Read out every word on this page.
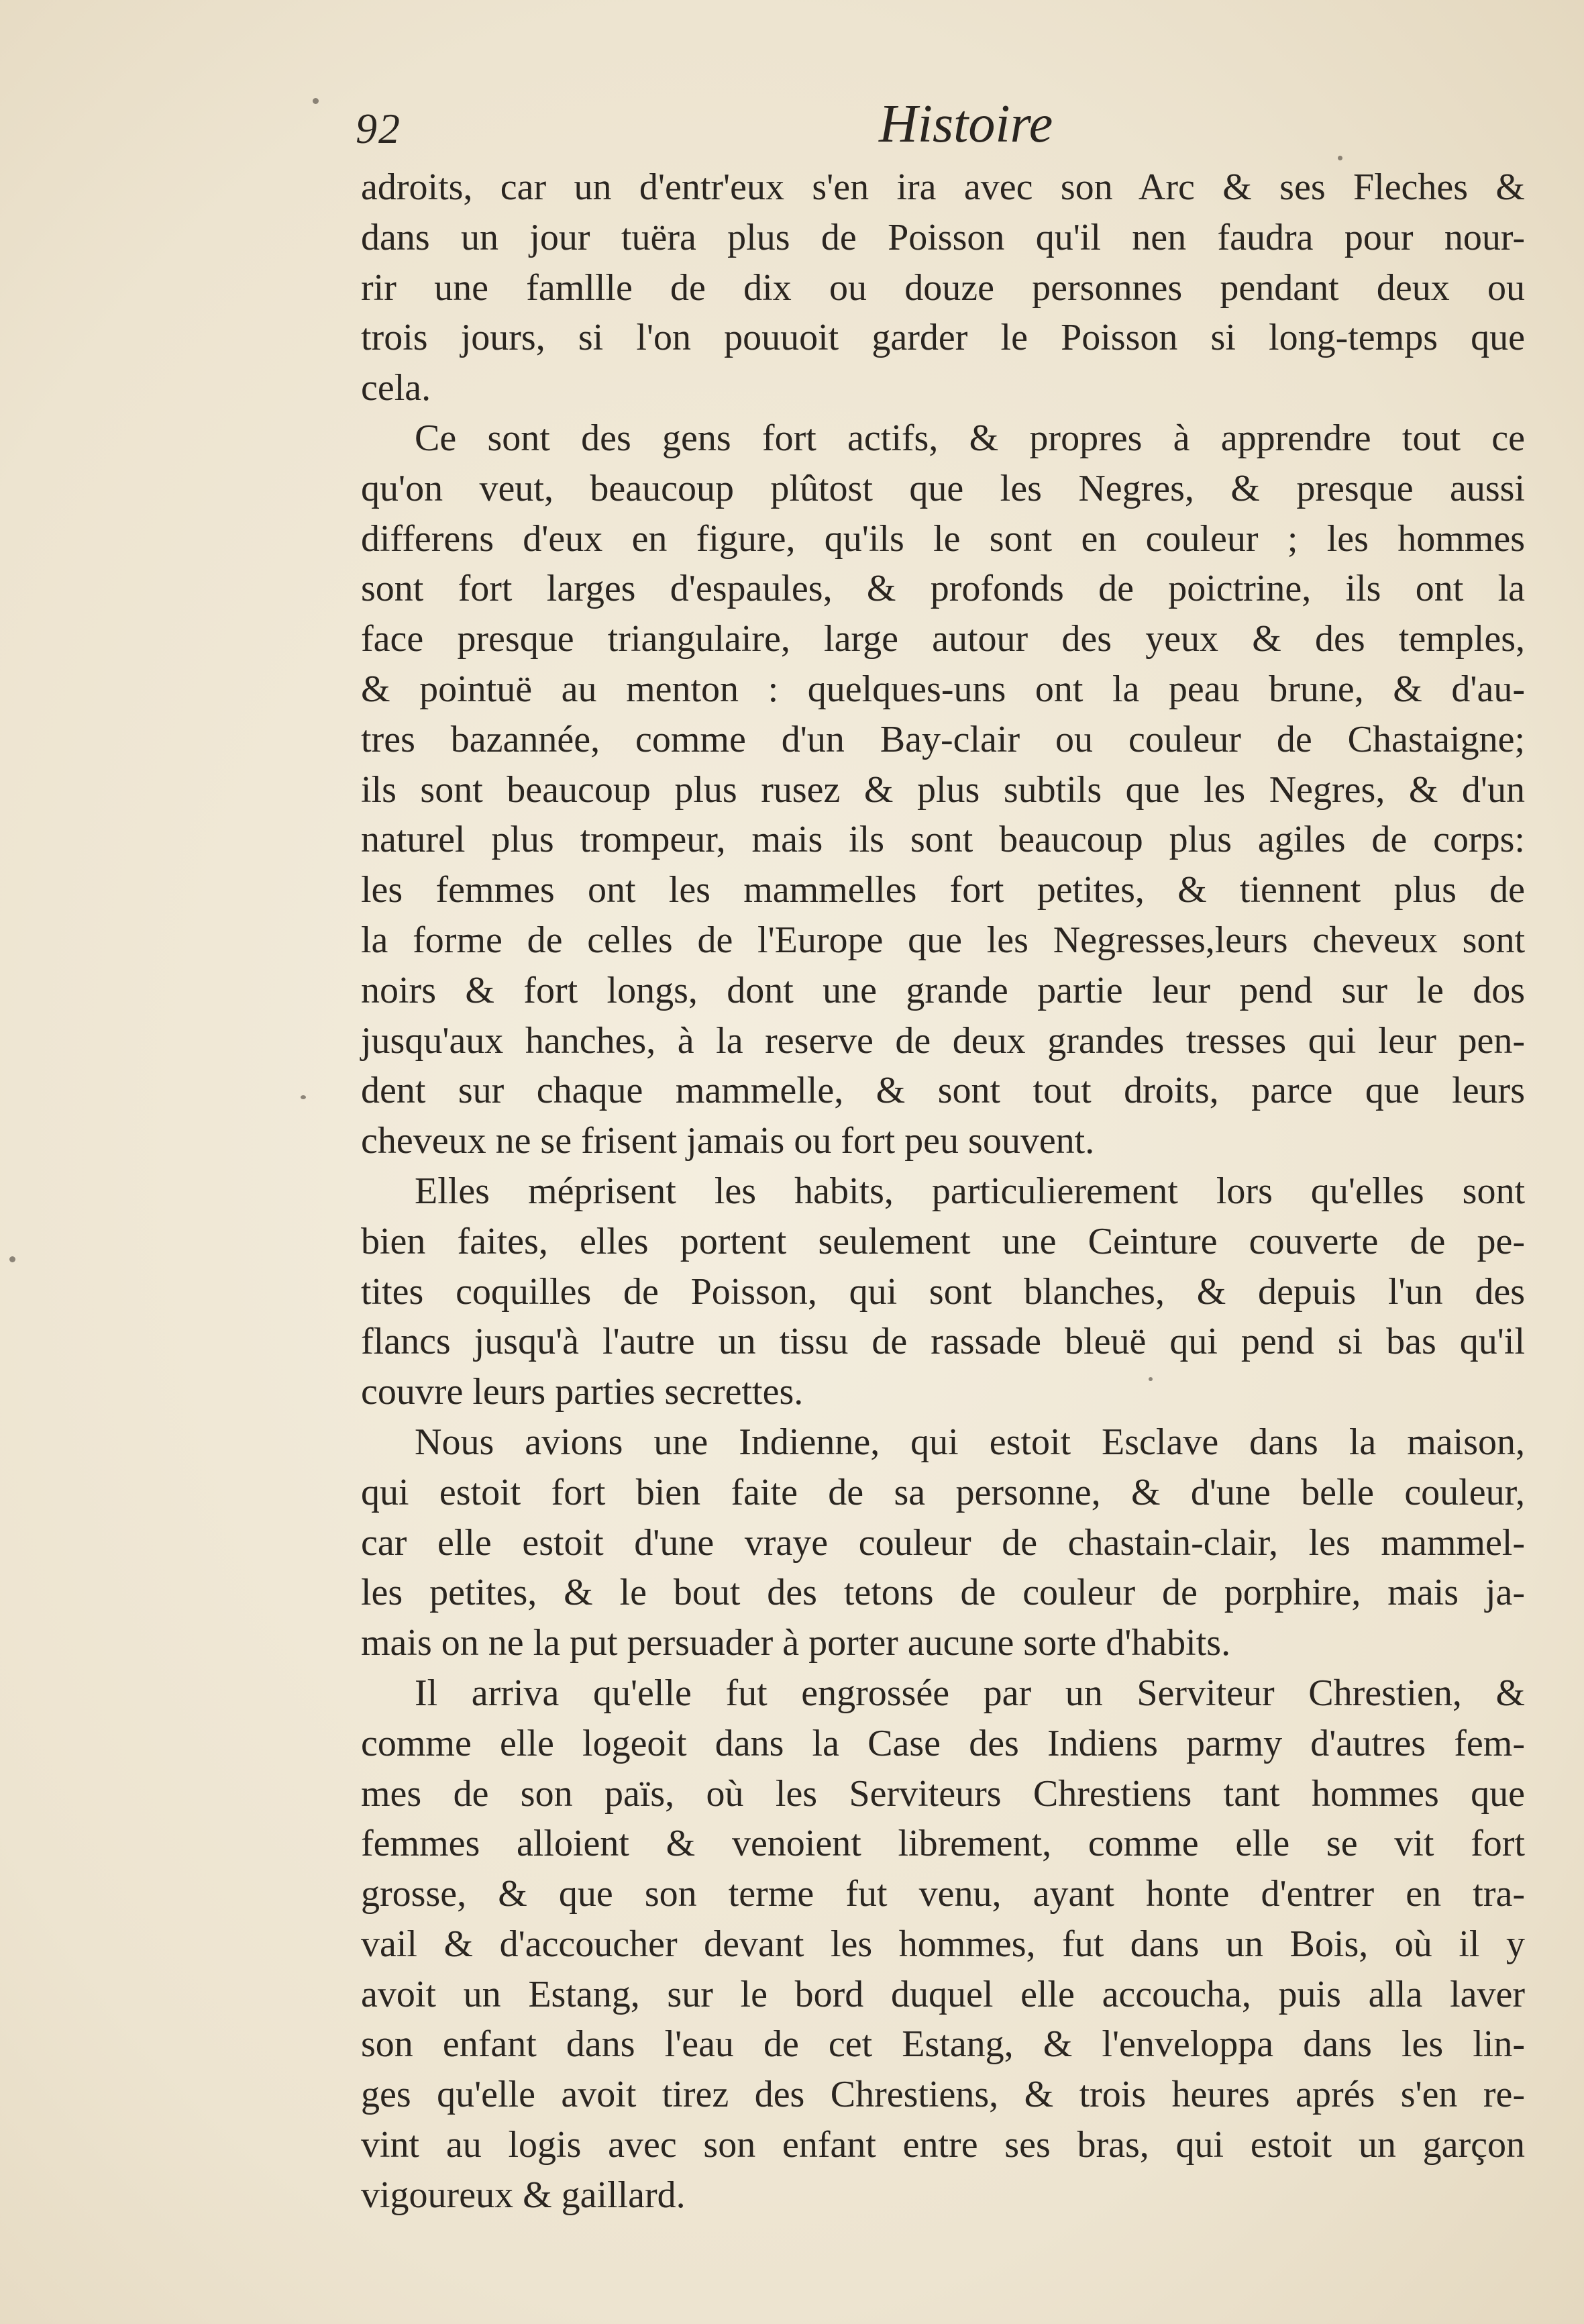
92	Histoire
adroits, car un d'entr'eux s'en ira avec son Arc & ses Fleches &
dans un jour tuëra plus de Poisson qu'il nen faudra pour nour-
rir une famllle de dix ou douze personnes pendant deux ou
trois jours, si l'on pouuoit garder le Poisson si long-temps que
cela.
Ce sont des gens fort actifs, & propres à apprendre tout ce
qu'on veut, beaucoup plûtost que les Negres, & presque aussi
differens d'eux en figure, qu'ils le sont en couleur ; les hommes
sont fort larges d'espaules, & profonds de poictrine, ils ont la
face presque triangulaire, large autour des yeux & des temples,
& pointuë au menton : quelques-uns ont la peau brune, & d'au-
tres bazannée, comme d'un Bay-clair ou couleur de Chastaigne;
ils sont beaucoup plus rusez & plus subtils que les Negres, & d'un
naturel plus trompeur, mais ils sont beaucoup plus agiles de corps:
les femmes ont les mammelles fort petites, & tiennent plus de
la forme de celles de l'Europe que les Negresses,leurs cheveux sont
noirs & fort longs, dont une grande partie leur pend sur le dos
jusqu'aux hanches, à la reserve de deux grandes tresses qui leur pen-
dent sur chaque mammelle, & sont tout droits, parce que leurs
cheveux ne se frisent jamais ou fort peu souvent.
Elles méprisent les habits, particulierement lors qu'elles sont
bien faites, elles portent seulement une Ceinture couverte de pe-
tites coquilles de Poisson, qui sont blanches, & depuis l'un des
flancs jusqu'à l'autre un tissu de rassade bleuë qui pend si bas qu'il
couvre leurs parties secrettes.
Nous avions une Indienne, qui estoit Esclave dans la maison,
qui estoit fort bien faite de sa personne, & d'une belle couleur,
car elle estoit d'une vraye couleur de chastain-clair, les mammel-
les petites, & le bout des tetons de couleur de porphire, mais ja-
mais on ne la put persuader à porter aucune sorte d'habits.
Il arriva qu'elle fut engrossée par un Serviteur Chrestien, &
comme elle logeoit dans la Case des Indiens parmy d'autres fem-
mes de son païs, où les Serviteurs Chrestiens tant hommes que
femmes alloient & venoient librement, comme elle se vit fort
grosse, & que son terme fut venu, ayant honte d'entrer en tra-
vail & d'accoucher devant les hommes, fut dans un Bois, où il y
avoit un Estang, sur le bord duquel elle accoucha, puis alla laver
son enfant dans l'eau de cet Estang, & l'enveloppa dans les lin-
ges qu'elle avoit tirez des Chrestiens, & trois heures aprés s'en re-
vint au logis avec son enfant entre ses bras, qui estoit un garçon
vigoureux & gaillard.
